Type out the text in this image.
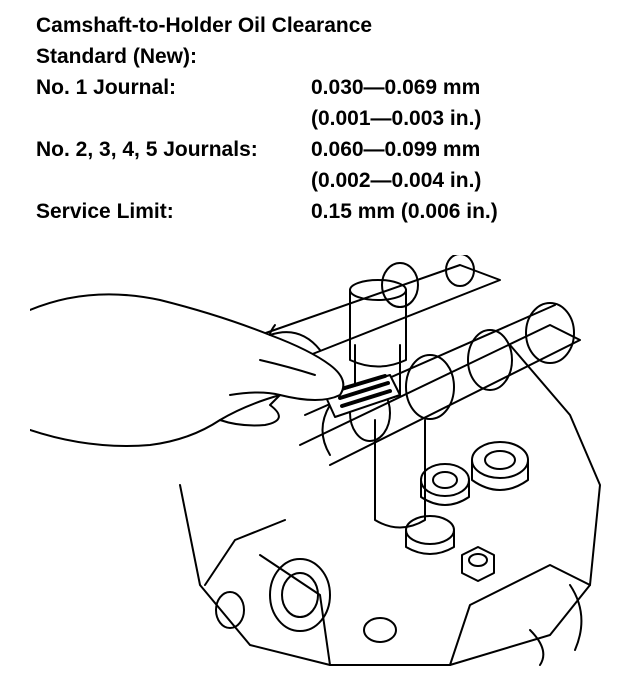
Camshaft-to-Holder Oil Clearance
Standard (New):
No. 1 Journal:	0.030—0.069 mm
(0.001—0.003 in.)
No. 2, 3, 4, 5 Journals:	0.060—0.099 mm
(0.002—0.004 in.)
Service Limit:	0.15 mm (0.006 in.)
